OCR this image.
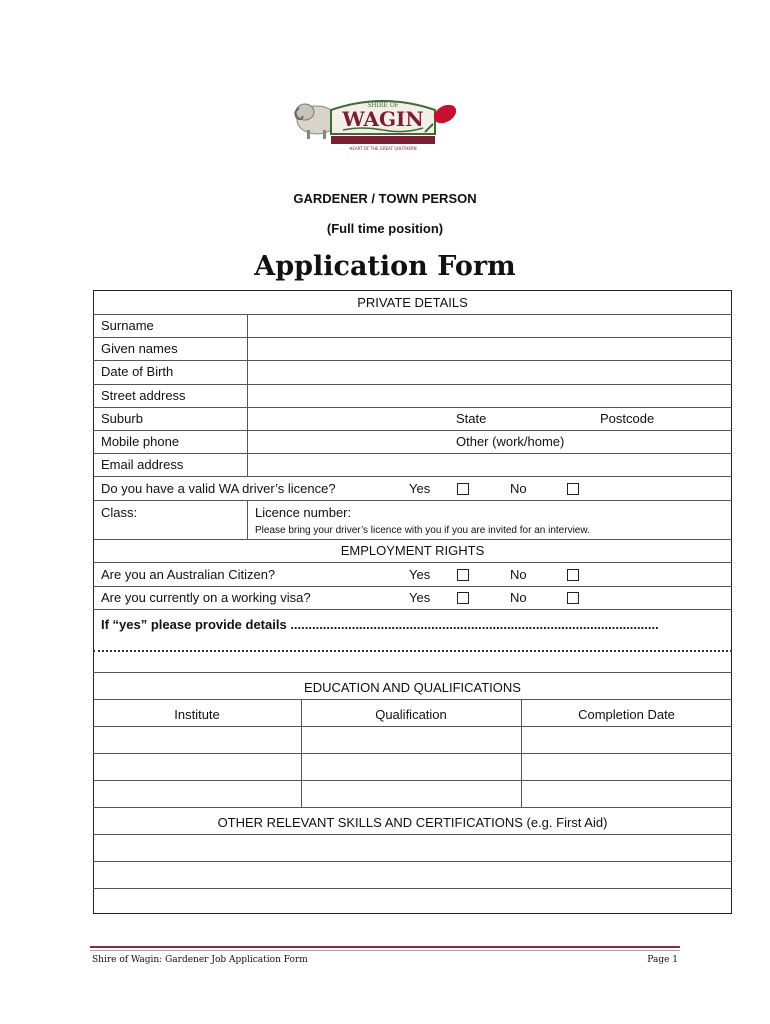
HEART OF THE GREAT SOUTHERN
SHIRE OF
WAGIN
GARDENER / TOWN PERSON
(Full time position)
Application Form
PRIVATE DETAILS
Surname
Given names
Date of Birth
Street address
Suburb	State	Postcode
Mobile phone	Other (work/home)
Email address
Do you have a valid WA driver’s licence?	Yes	No
Class:	Licence number:
Please bring your driver’s licence with you if you are invited for an interview.
EMPLOYMENT RIGHTS
Are you an Australian Citizen?	Yes	No
Are you currently on a working visa?	Yes	No
If “yes” please provide details ......................................................................................................
EDUCATION AND QUALIFICATIONS
Institute	Qualification	Completion Date
OTHER RELEVANT SKILLS AND CERTIFICATIONS (e.g. First Aid)
Shire of Wagin: Gardener Job Application Form	Page 1
